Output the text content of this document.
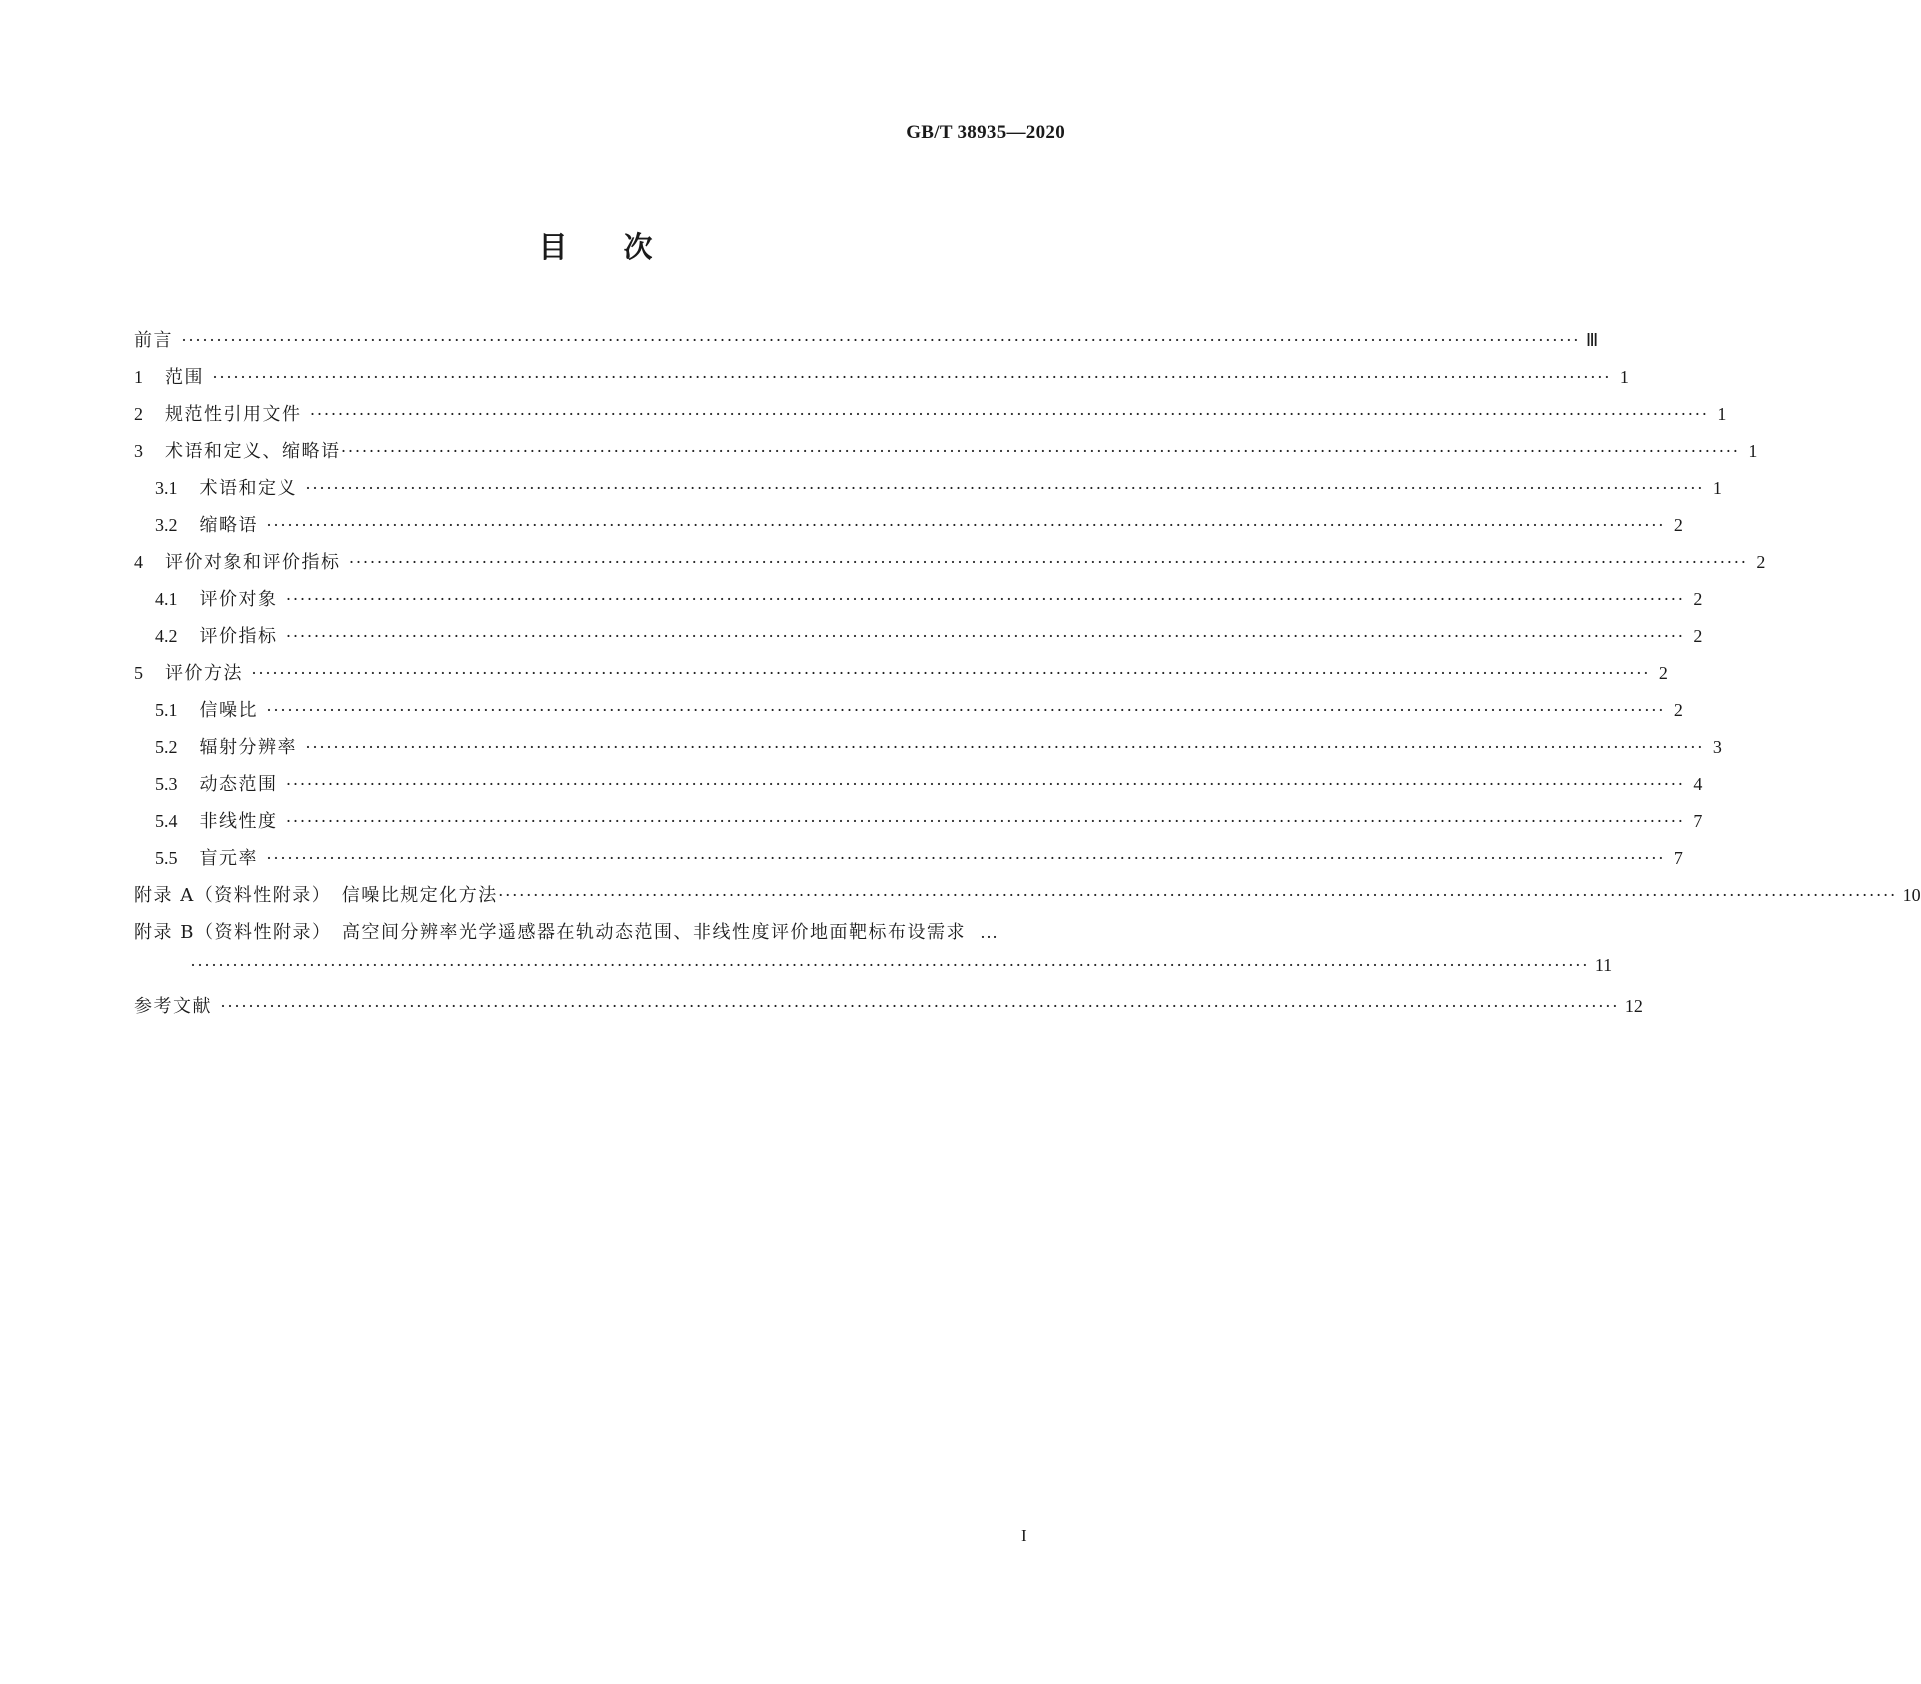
GB/T 38935—2020
目次
前言 ········································································································································································································ Ⅲ
1 范围 ········································································································································································································ 1
2 规范性引用文件 ········································································································································································································ 1
3 术语和定义、缩略语 ········································································································································································································ 1
3.1 术语和定义 ········································································································································································································ 1
3.2 缩略语 ········································································································································································································ 2
4 评价对象和评价指标 ········································································································································································································ 2
4.1 评价对象 ········································································································································································································ 2
4.2 评价指标 ········································································································································································································ 2
5 评价方法 ········································································································································································································ 2
5.1 信噪比 ········································································································································································································ 2
5.2 辐射分辨率 ········································································································································································································ 3
5.3 动态范围 ········································································································································································································ 4
5.4 非线性度 ········································································································································································································ 7
5.5 盲元率 ········································································································································································································ 7
附录 A（资料性附录）　信噪比规定化方法 ········································································································································································································ 10
附录 B（资料性附录）　高空间分辨率光学遥感器在轨动态范围、非线性度评价地面靶标布设需求 …
········································································································································································································ 11
参考文献 ········································································································································································································ 12
I
